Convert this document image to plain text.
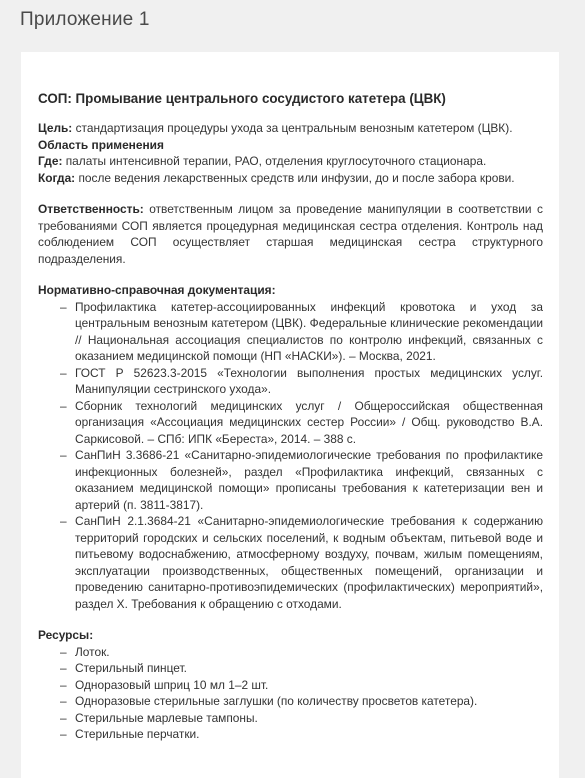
Приложение 1
СОП: Промывание центрального сосудистого катетера (ЦВК)

Цель: стандартизация процедуры ухода за центральным венозным катетером (ЦВК).

Область применения

Где: палаты интенсивной терапии, РАО, отделения круглосуточного стационара.

Когда: после ведения лекарственных средств или инфузии, до и после забора крови.

Ответственность: ответственным лицом за проведение манипуляции в соответствии с требованиями СОП является процедурная медицинская сестра отделения. Контроль над соблюдением СОП осуществляет старшая медицинская сестра структурного подразделения.

Нормативно-справочная документация:

– Профилактика катетер-ассоциированных инфекций кровотока и уход за центральным венозным катетером (ЦВК). Федеральные клинические рекомендации // Национальная ассоциация специалистов по контролю инфекций, связанных с оказанием медицинской помощи (НП «НАСКИ»). – Москва, 2021.
– ГОСТ Р 52623.3-2015 «Технологии выполнения простых медицинских услуг. Манипуляции сестринского ухода».
– Сборник технологий медицинских услуг / Общероссийская общественная организация «Ассоциация медицинских сестер России» / Общ. руководство В.А. Саркисовой. – СПб: ИПК «Береста», 2014. – 388 с.
– СанПиН 3.3686-21 «Санитарно-эпидемиологические требования по профилактике инфекционных болезней», раздел «Профилактика инфекций, связанных с оказанием медицинской помощи» прописаны требования к катетеризации вен и артерий (п. 3811-3817).
– СанПиН 2.1.3684-21 «Санитарно-эпидемиологические требования к содержанию территорий городских и сельских поселений, к водным объектам, питьевой воде и питьевому водоснабжению, атмосферному воздуху, почвам, жилым помещениям, эксплуатации производственных, общественных помещений, организации и проведению санитарно-противоэпидемических (профилактических) мероприятий», раздел X. Требования к обращению с отходами.

Ресурсы:

– Лоток.
– Стерильный пинцет.
– Одноразовый шприц 10 мл 1–2 шт.
– Одноразовые стерильные заглушки (по количеству просветов катетера).
– Стерильные марлевые тампоны.
– Стерильные перчатки.
